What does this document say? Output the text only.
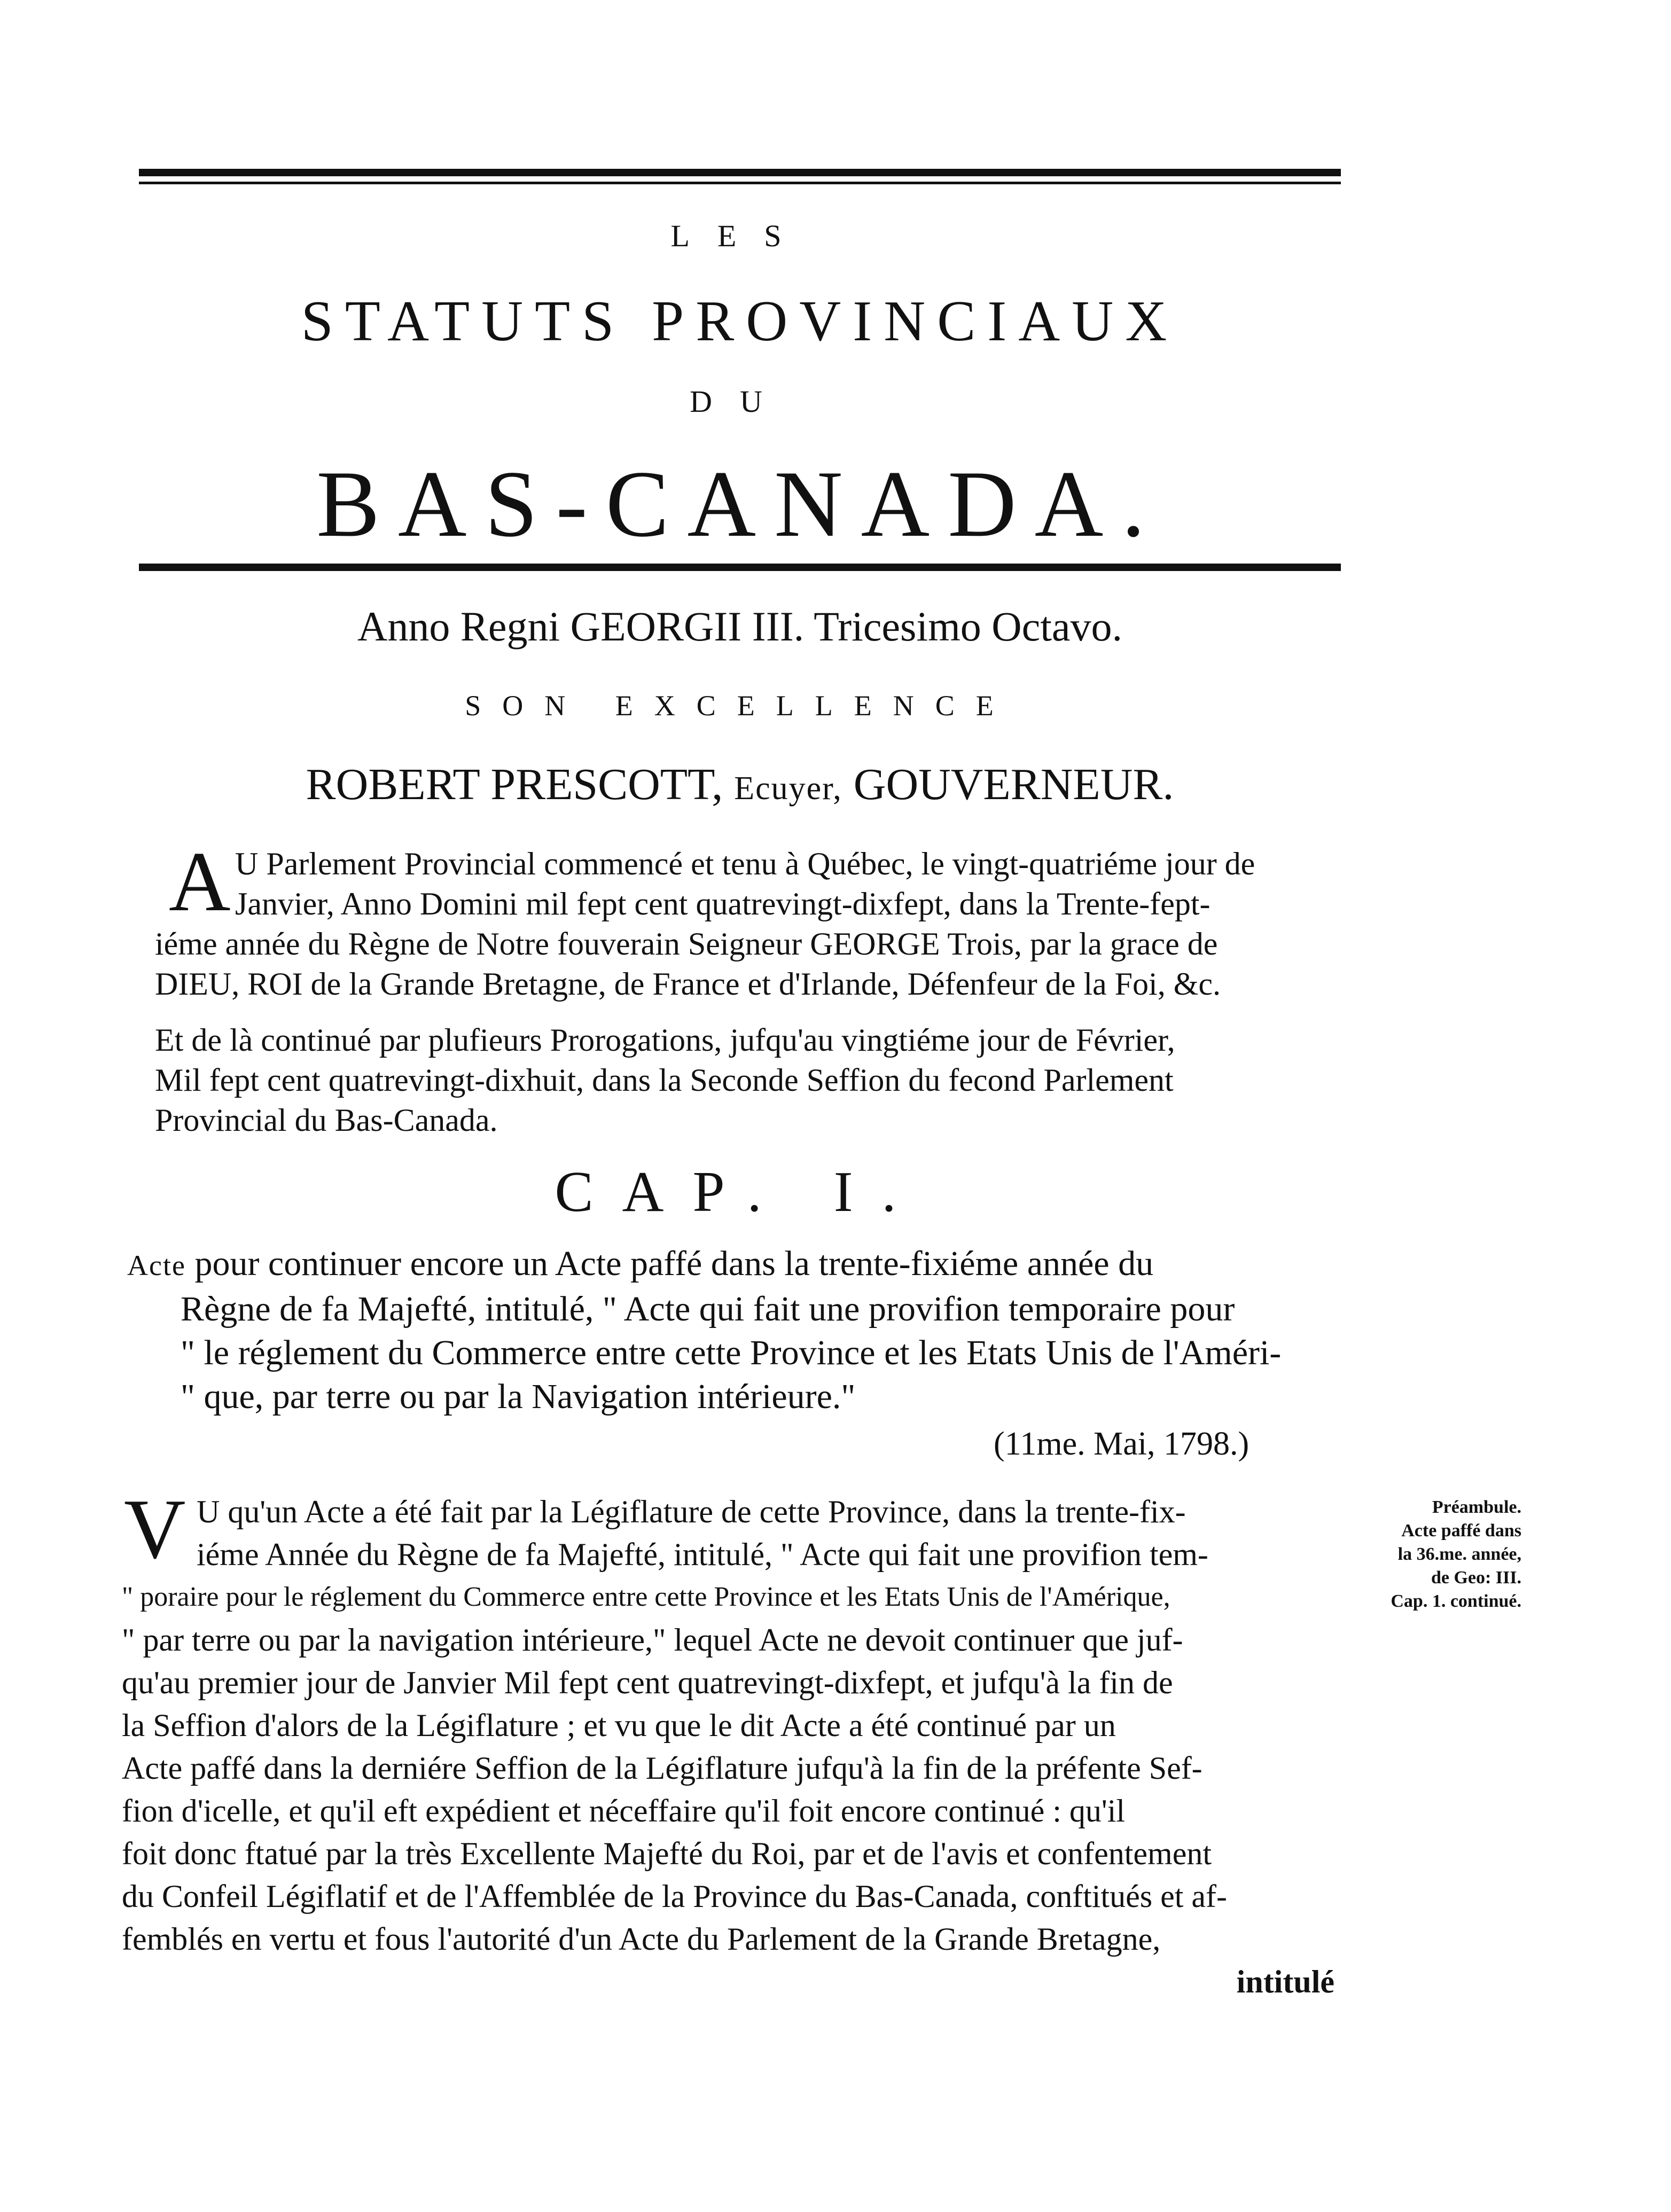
LES
STATUTS PROVINCIAUX
DU
BAS-CANADA.
Anno Regni GEORGII III. Tricesimo Octavo.
SON EXCELLENCE
ROBERT PRESCOTT, Ecuyer, GOUVERNEUR.
A U Parlement Provincial commencé et tenu à Québec, le vingt-quatriéme jour de
Janvier, Anno Domini mil fept cent quatrevingt-dixfept, dans la Trente-fept-
iéme année du Règne de Notre fouverain Seigneur GEORGE Trois, par la grace de
DIEU, ROI de la Grande Bretagne, de France et d'Irlande, Défenfeur de la Foi, &c.
Et de là continué par plufieurs Prorogations, jufqu'au vingtiéme jour de Février,
Mil fept cent quatrevingt-dixhuit, dans la Seconde Seffion du fecond Parlement
Provincial du Bas-Canada.
CAP. I.
Acte pour continuer encore un Acte paffé dans la trente-fixiéme année du
Règne de fa Majefté, intitulé, " Acte qui fait une provifion temporaire pour
" le réglement du Commerce entre cette Province et les Etats Unis de l'Améri-
" que, par terre ou par la Navigation intérieure."
(11me. Mai, 1798.)
V U qu'un Acte a été fait par la Légiflature de cette Province, dans la trente-fix-
iéme Année du Règne de fa Majefté, intitulé, " Acte qui fait une provifion tem-
" poraire pour le réglement du Commerce entre cette Province et les Etats Unis de l'Amérique,
" par terre ou par la navigation intérieure," lequel Acte ne devoit continuer que juf-
qu'au premier jour de Janvier Mil fept cent quatrevingt-dixfept, et jufqu'à la fin de
la Seffion d'alors de la Légiflature ; et vu que le dit Acte a été continué par un
Acte paffé dans la derniére Seffion de la Légiflature jufqu'à la fin de la préfente Sef-
fion d'icelle, et qu'il eft expédient et néceffaire qu'il foit encore continué : qu'il
foit donc ftatué par la très Excellente Majefté du Roi, par et de l'avis et confentement
du Confeil Légiflatif et de l'Affemblée de la Province du Bas-Canada, conftitués et af-
femblés en vertu et fous l'autorité d'un Acte du Parlement de la Grande Bretagne,
intitulé
Préambule.
Acte paffé dans
la 36.me. année,
de Geo: III.
Cap. 1. continué.
